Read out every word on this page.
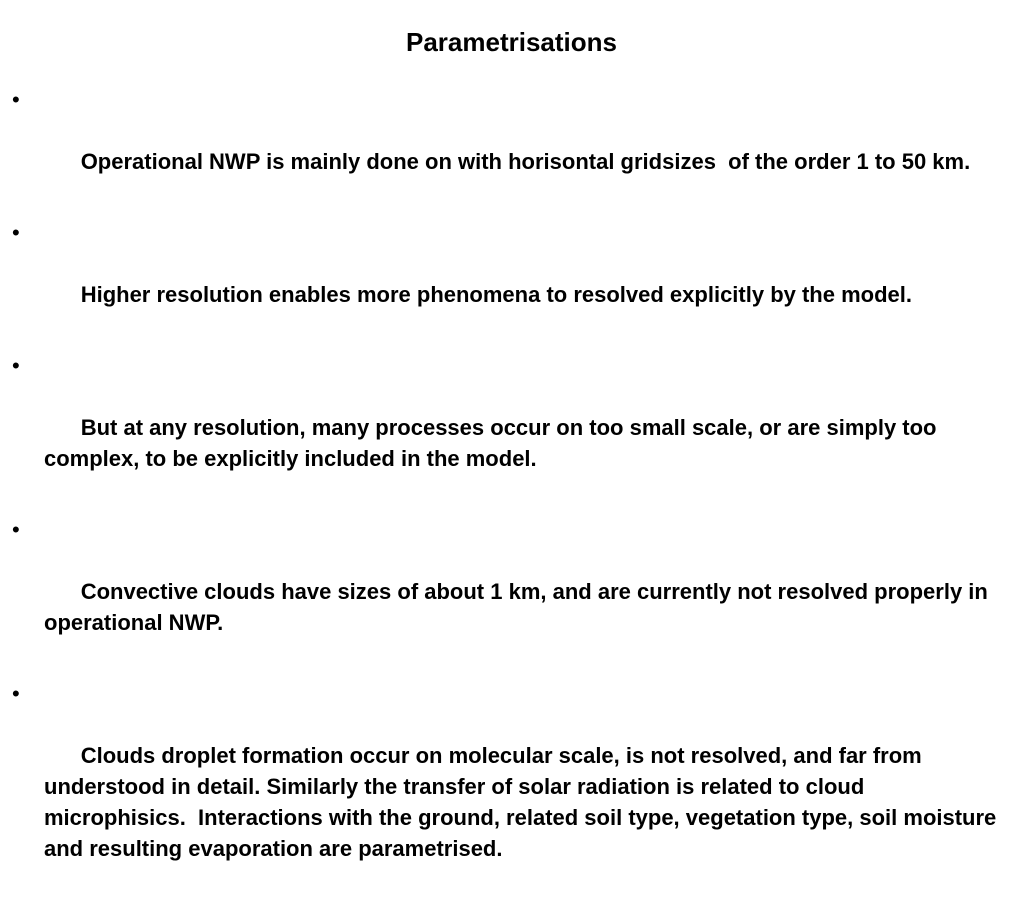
Parametrisations

•

Operational NWP is mainly done on with horisontal gridsizes  of the order 1 to 50 km.

•

Higher resolution enables more phenomena to resolved explicitly by the model.

•

But at any resolution, many processes occur on too small scale, or are simply too complex, to be explicitly included in the model.

•

Convective clouds have sizes of about 1 km, and are currently not resolved properly in operational NWP.

•

Clouds droplet formation occur on molecular scale, is not resolved, and far from understood in detail. Similarly the transfer of solar radiation is related to cloud microphisics.  Interactions with the ground, related soil type, vegetation type, soil moisture and resulting evaporation are parametrised.
